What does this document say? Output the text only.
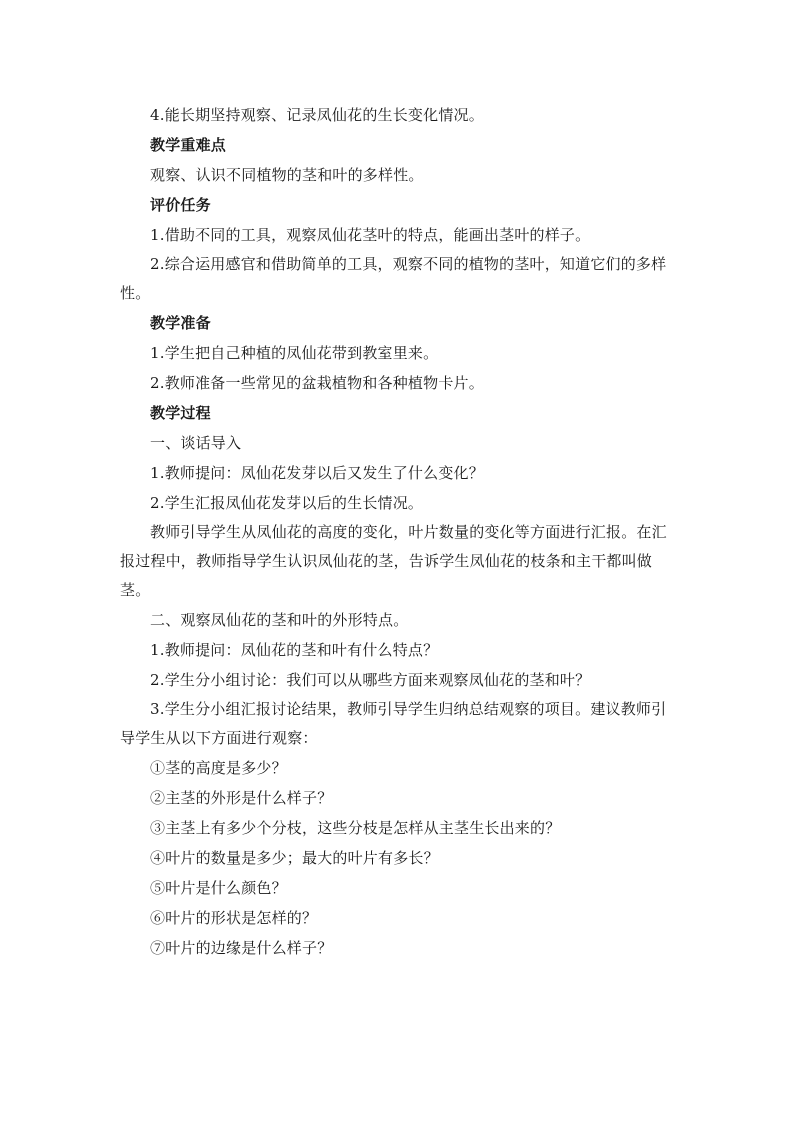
4.能长期坚持观察、记录凤仙花的生长变化情况。

教学重难点

观察、认识不同植物的茎和叶的多样性。

评价任务

1.借助不同的工具，观察凤仙花茎叶的特点，能画出茎叶的样子。

2.综合运用感官和借助简单的工具，观察不同的植物的茎叶，知道它们的多样性。

教学准备

1.学生把自己种植的凤仙花带到教室里来。

2.教师准备一些常见的盆栽植物和各种植物卡片。

教学过程

一、谈话导入

1.教师提问：凤仙花发芽以后又发生了什么变化？

2.学生汇报凤仙花发芽以后的生长情况。

教师引导学生从凤仙花的高度的变化，叶片数量的变化等方面进行汇报。在汇报过程中，教师指导学生认识凤仙花的茎，告诉学生凤仙花的枝条和主干都叫做茎。

二、观察凤仙花的茎和叶的外形特点。

1.教师提问：凤仙花的茎和叶有什么特点？

2.学生分小组讨论：我们可以从哪些方面来观察凤仙花的茎和叶？

3.学生分小组汇报讨论结果，教师引导学生归纳总结观察的项目。建议教师引导学生从以下方面进行观察：

①茎的高度是多少？

②主茎的外形是什么样子？

③主茎上有多少个分枝，这些分枝是怎样从主茎生长出来的？

④叶片的数量是多少；最大的叶片有多长？

⑤叶片是什么颜色？

⑥叶片的形状是怎样的？

⑦叶片的边缘是什么样子？
